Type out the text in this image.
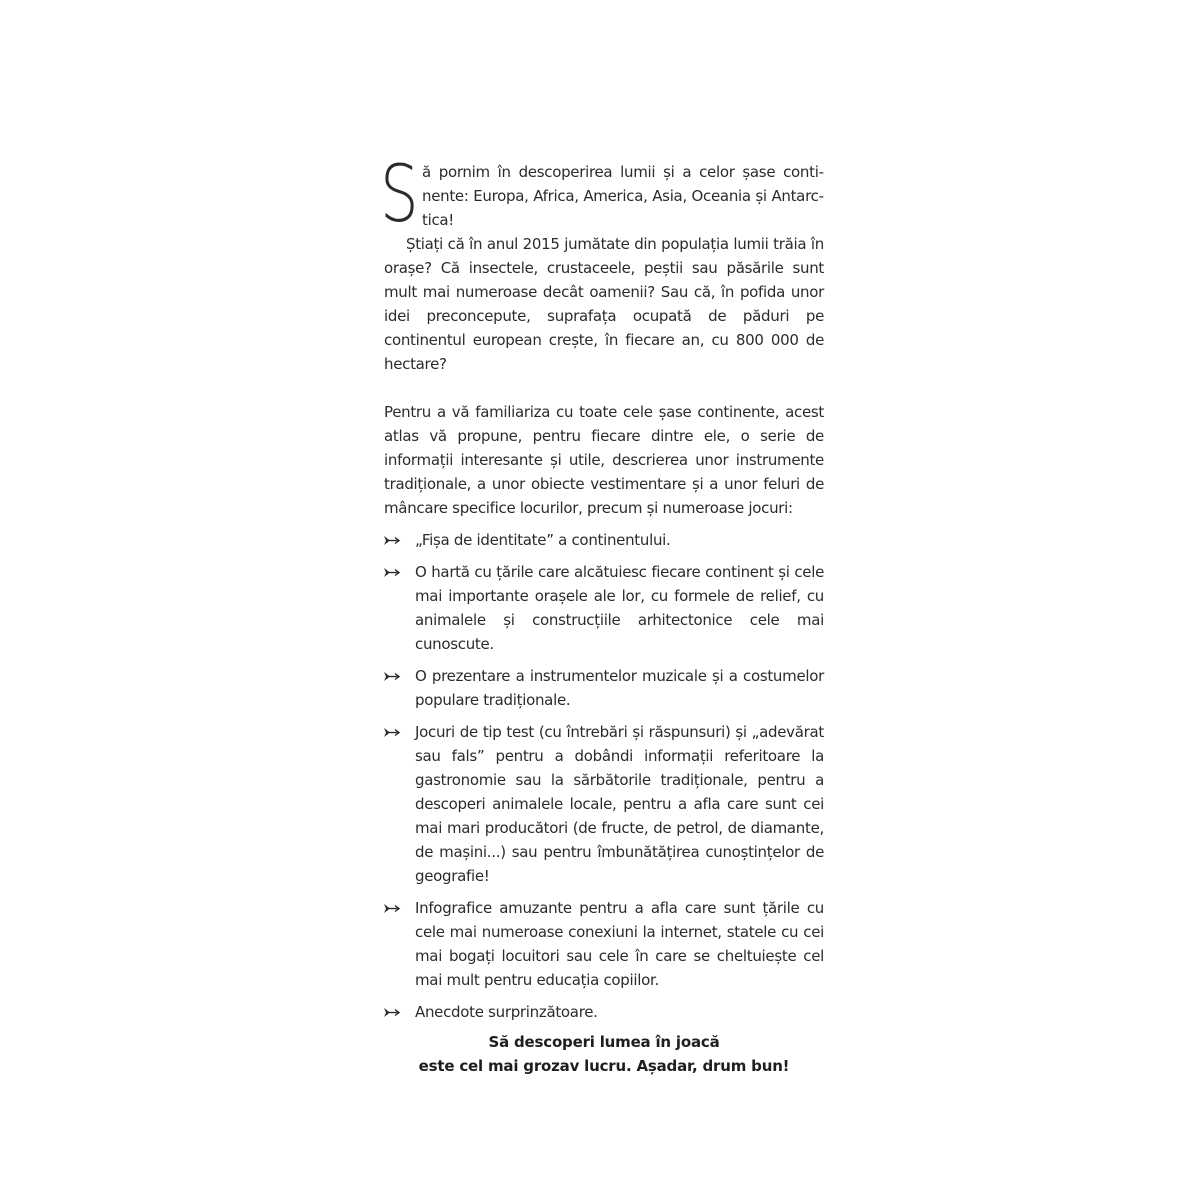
S ă pornim în descoperirea lumii și a celor șase continente: Europa, Africa, America, Asia, Oceania și Antarctica!

Știați că în anul 2015 jumătate din populația lumii trăia în orașe? Că insectele, crustaceele, peștii sau păsările sunt mult mai numeroase decât oamenii? Sau că, în pofida unor idei preconcepute, suprafața ocupată de păduri pe continentul european crește, în fiecare an, cu 800 000 de hectare?

Pentru a vă familiariza cu toate cele șase continente, acest atlas vă propune, pentru fiecare dintre ele, o serie de informații interesante și utile, descrierea unor instrumente tradiționale, a unor obiecte vestimentare și a unor feluri de mâncare specifice locurilor, precum și numeroase jocuri:

„Fișa de identitate” a continentului.
O hartă cu țările care alcătuiesc fiecare continent și cele mai importante orașele ale lor, cu formele de relief, cu animalele și construcțiile arhitectonice cele mai cunoscute.
O prezentare a instrumentelor muzicale și a costumelor populare tradiționale.
Jocuri de tip test (cu întrebări și răspunsuri) și „adevărat sau fals” pentru a dobândi informații referitoare la gastronomie sau la sărbătorile tradiționale, pentru a descoperi animalele locale, pentru a afla care sunt cei mai mari producători (de fructe, de petrol, de diamante, de mașini...) sau pentru îmbunătățirea cunoștințelor de geografie!
Infografice amuzante pentru a afla care sunt țările cu cele mai numeroase conexiuni la internet, statele cu cei mai bogați locuitori sau cele în care se cheltuiește cel mai mult pentru educația copiilor.
Anecdote surprinzătoare.
Să descoperi lumea în joacă
este cel mai grozav lucru. Așadar, drum bun!
